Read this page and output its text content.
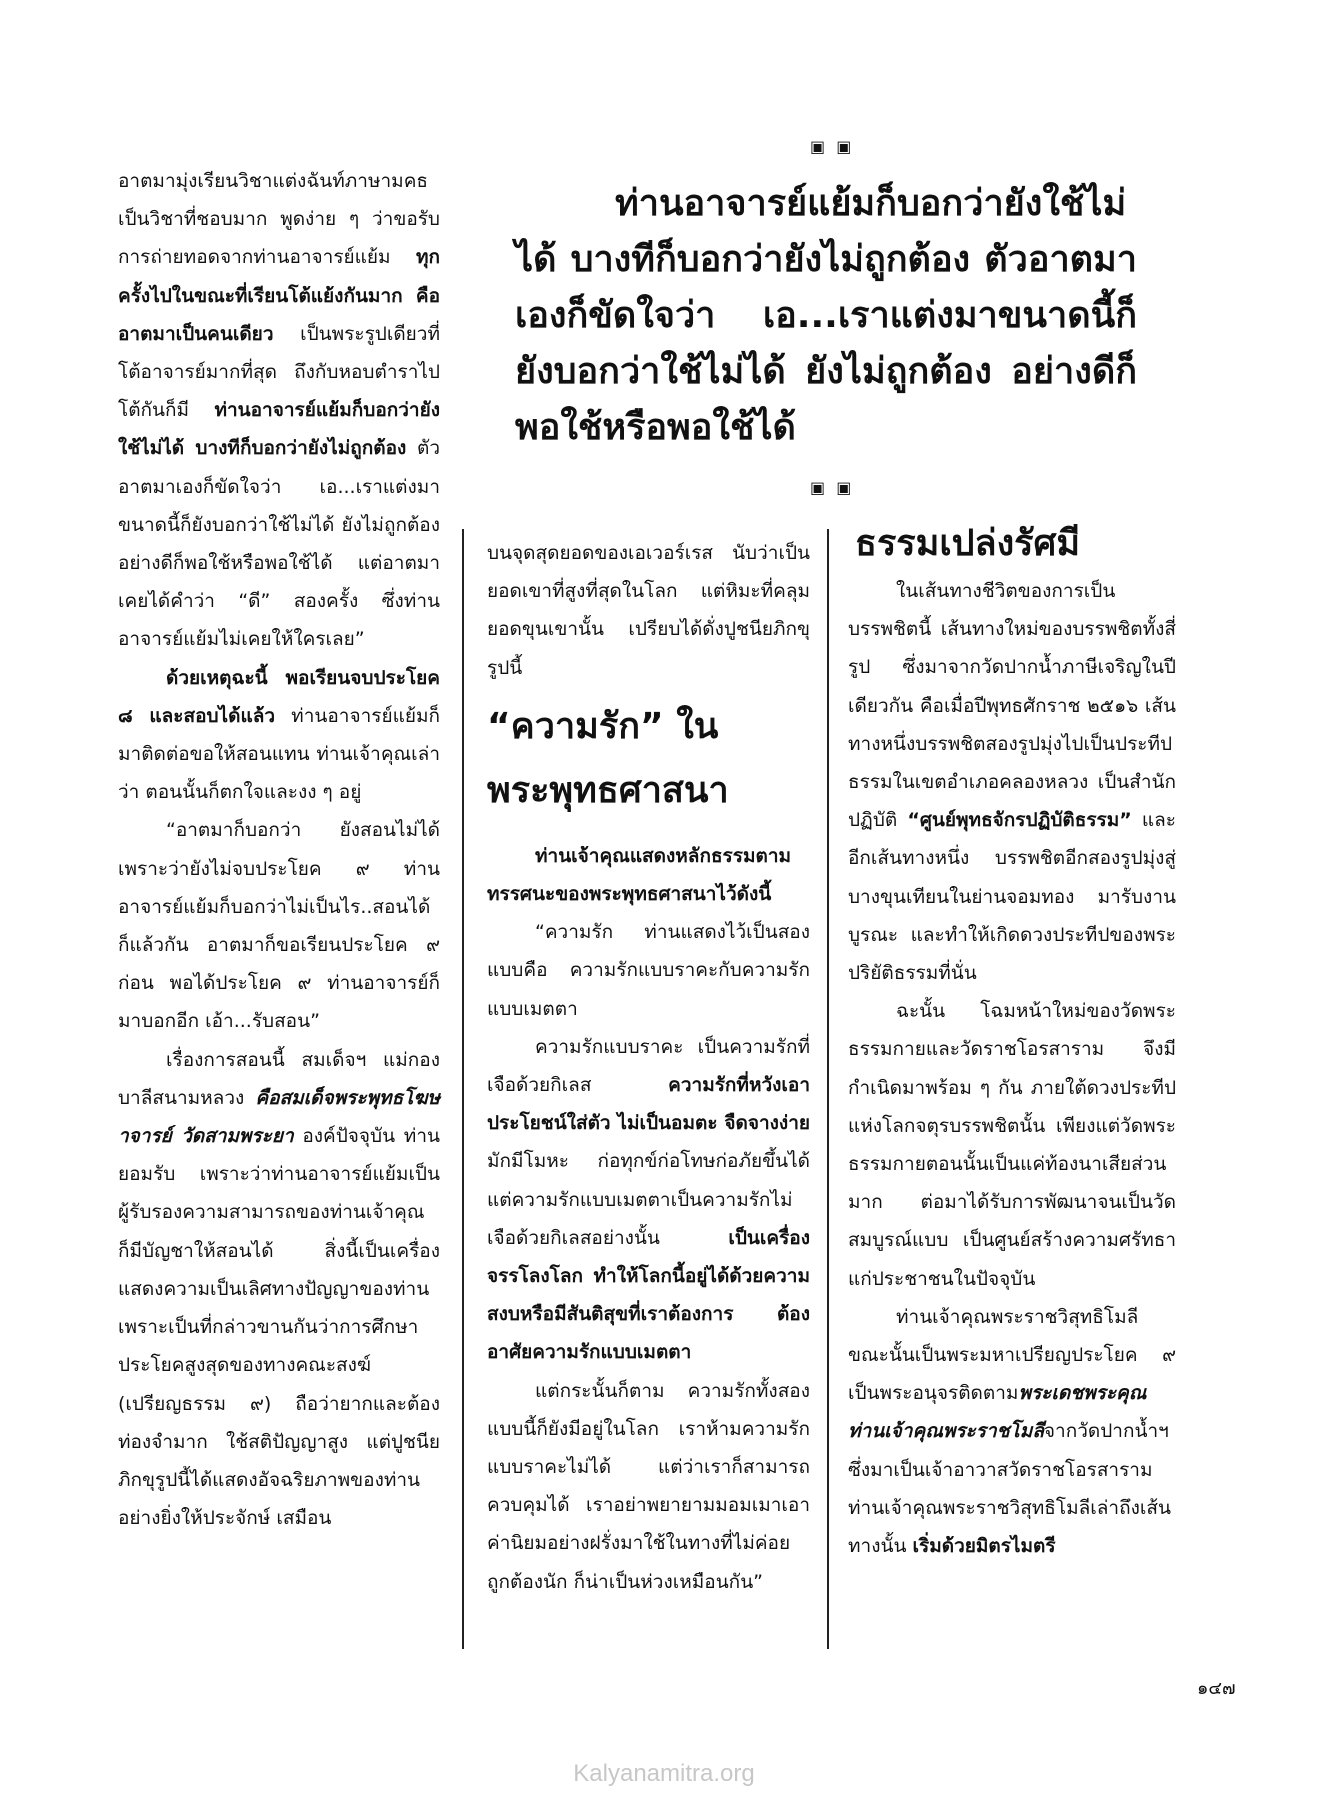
▣ ▣

ท่านอาจารย์แย้มก็บอกว่ายังใช้ไม่ได้ บางทีก็บอกว่ายังไม่ถูกต้อง ตัวอาตมาเองก็ขัดใจว่า เอ...เราแต่งมาขนาดนี้ก็ยังบอกว่าใช้ไม่ได้ ยังไม่ถูกต้อง อย่างดีก็พอใช้หรือพอใช้ได้

▣ ▣

อาตมามุ่งเรียนวิชาแต่งฉันท์ภาษามคธ เป็นวิชาที่ชอบมาก พูดง่าย ๆ ว่าขอรับการถ่ายทอดจากท่านอาจารย์แย้ม ทุกครั้งไปในขณะที่เรียนโต้แย้งกันมาก คืออาตมาเป็นคนเดียว เป็นพระรูปเดียวที่โต้อาจารย์มากที่สุด ถึงกับหอบตำราไปโต้กันก็มี ท่านอาจารย์แย้มก็บอกว่ายังใช้ไม่ได้ บางทีก็บอกว่ายังไม่ถูกต้อง ตัวอาตมาเองก็ขัดใจว่า เอ...เราแต่งมาขนาดนี้ก็ยังบอกว่าใช้ไม่ได้ ยังไม่ถูกต้อง อย่างดีก็พอใช้หรือพอใช้ได้ แต่อาตมาเคยได้คำว่า “ดี” สองครั้ง ซึ่งท่านอาจารย์แย้มไม่เคยให้ใครเลย”

ด้วยเหตุฉะนี้ พอเรียนจบประโยค ๘ และสอบได้แล้ว ท่านอาจารย์แย้มก็มาติดต่อขอให้สอนแทน ท่านเจ้าคุณเล่าว่า ตอนนั้นก็ตกใจและงง ๆ อยู่

“อาตมาก็บอกว่า ยังสอนไม่ได้ เพราะว่ายังไม่จบประโยค ๙ ท่านอาจารย์แย้มก็บอกว่าไม่เป็นไร..สอนได้ก็แล้วกัน อาตมาก็ขอเรียนประโยค ๙ ก่อน พอได้ประโยค ๙ ท่านอาจารย์ก็มาบอกอีก เอ้า...รับสอน”

เรื่องการสอนนี้ สมเด็จฯ แม่กองบาลีสนามหลวง คือสมเด็จพระพุทธโฆษาจารย์ วัดสามพระยา องค์ปัจจุบัน ท่านยอมรับ เพราะว่าท่านอาจารย์แย้มเป็นผู้รับรองความสามารถของท่านเจ้าคุณ ก็มีบัญชาให้สอนได้ สิ่งนี้เป็นเครื่องแสดงความเป็นเลิศทางปัญญาของท่าน เพราะเป็นที่กล่าวขานกันว่าการศึกษาประโยคสูงสุดของทางคณะสงฆ์ (เปรียญธรรม ๙) ถือว่ายากและต้องท่องจำมาก ใช้สติปัญญาสูง แต่ปูชนียภิกขุรูปนี้ได้แสดงอัจฉริยภาพของท่านอย่างยิ่งให้ประจักษ์ เสมือน

บนจุดสุดยอดของเอเวอร์เรส นับว่าเป็นยอดเขาที่สูงที่สุดในโลก แต่หิมะที่คลุมยอดขุนเขานั้น เปรียบได้ดั่งปูชนียภิกขุรูปนี้

“ความรัก” ในพระพุทธศาสนา

ท่านเจ้าคุณแสดงหลักธรรมตามทรรศนะของพระพุทธศาสนาไว้ดังนี้

“ความรัก ท่านแสดงไว้เป็นสองแบบคือ ความรักแบบราคะกับความรักแบบเมตตา

ความรักแบบราคะ เป็นความรักที่เจือด้วยกิเลส ความรักที่หวังเอาประโยชน์ใส่ตัว ไม่เป็นอมตะ จืดจางง่าย มักมีโมหะ ก่อทุกข์ก่อโทษก่อภัยขึ้นได้ แต่ความรักแบบเมตตาเป็นความรักไม่เจือด้วยกิเลสอย่างนั้น เป็นเครื่องจรรโลงโลก ทำให้โลกนี้อยู่ได้ด้วยความสงบหรือมีสันติสุขที่เราต้องการ ต้องอาศัยความรักแบบเมตตา

แต่กระนั้นก็ตาม ความรักทั้งสองแบบนี้ก็ยังมีอยู่ในโลก เราห้ามความรักแบบราคะไม่ได้ แต่ว่าเราก็สามารถควบคุมได้ เราอย่าพยายามมอมเมาเอาค่านิยมอย่างฝรั่งมาใช้ในทางที่ไม่ค่อยถูกต้องนัก ก็น่าเป็นห่วงเหมือนกัน”

ธรรมเปล่งรัศมี

ในเส้นทางชีวิตของการเป็นบรรพชิตนี้ เส้นทางใหม่ของบรรพชิตทั้งสี่รูป ซึ่งมาจากวัดปากน้ำภาษีเจริญในปีเดียวกัน คือเมื่อปีพุทธศักราช ๒๕๑๖ เส้นทางหนึ่งบรรพชิตสองรูปมุ่งไปเป็นประทีปธรรมในเขตอำเภอคลองหลวง เป็นสำนักปฏิบัติ “ศูนย์พุทธจักรปฏิบัติธรรม” และอีกเส้นทางหนึ่ง บรรพชิตอีกสองรูปมุ่งสู่บางขุนเทียนในย่านจอมทอง มารับงานบูรณะ และทำให้เกิดดวงประทีปของพระปริยัติธรรมที่นั่น

ฉะนั้น โฉมหน้าใหม่ของวัดพระธรรมกายและวัดราชโอรสาราม จึงมีกำเนิดมาพร้อม ๆ กัน ภายใต้ดวงประทีปแห่งโลกจตุรบรรพชิตนั้น เพียงแต่วัดพระธรรมกายตอนนั้นเป็นแค่ท้องนาเสียส่วนมาก ต่อมาได้รับการพัฒนาจนเป็นวัดสมบูรณ์แบบ เป็นศูนย์สร้างความศรัทธาแก่ประชาชนในปัจจุบัน

ท่านเจ้าคุณพระราชวิสุทธิโมลีขณะนั้นเป็นพระมหาเปรียญประโยค ๙ เป็นพระอนุจรติดตามพระเดชพระคุณท่านเจ้าคุณพระราชโมลีจากวัดปากน้ำฯ ซึ่งมาเป็นเจ้าอาวาสวัดราชโอรสาราม ท่านเจ้าคุณพระราชวิสุทธิโมลีเล่าถึงเส้นทางนั้น เริ่มด้วยมิตรไมตรี

๑๔๗
Kalyanamitra.org
